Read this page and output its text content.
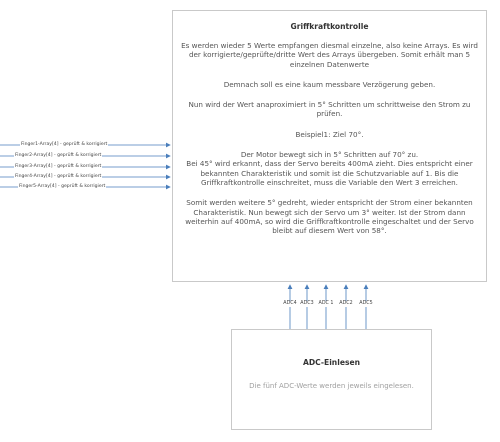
Griffkraftkontrolle

Es werden wieder 5 Werte empfangen diesmal einzelne, also keine Arrays. Es wird der korrigierte/geprüfte/dritte Wert des Arrays übergeben. Somit erhält man 5 einzelnen Datenwerte

Demnach soll es eine kaum messbare Verzögerung geben.

Nun wird der Wert anaproximiert in 5° Schritten um schrittweise den Strom zu prüfen.

Beispiel1: Ziel 70°.

Der Motor bewegt sich in 5° Schritten auf 70° zu.
Bei 45° wird erkannt, dass der Servo bereits 400mA zieht. Dies entspricht einer bekannten Charakteristik und somit ist die Schutzvariable auf 1. Bis die Griffkraftkontrolle einschreitet, muss die Variable den Wert 3 erreichen.

Somit werden weitere 5° gedreht, wieder entspricht der Strom einer bekannten Charakteristik. Nun bewegt sich der Servo um 3° weiter. Ist der Strom dann weiterhin auf 400mA, so wird die Griffkraftkontrolle eingeschaltet und der Servo bleibt auf diesem Wert von 58°.

ADC-Einlesen
Die fünf ADC-Werte werden jeweils eingelesen.
Finger1-Array[4] - geprüft & korrigiert
Finger2-Array[4] - geprüft & korrigiert
Finger3-Array[4] - geprüft & korrigiert
Finger4-Array[4] - geprüft & korrigiert
Finger5-Array[4] - geprüft & korrigiert
ADC4 ADC3 ADC 1 ADC2 ADC5
